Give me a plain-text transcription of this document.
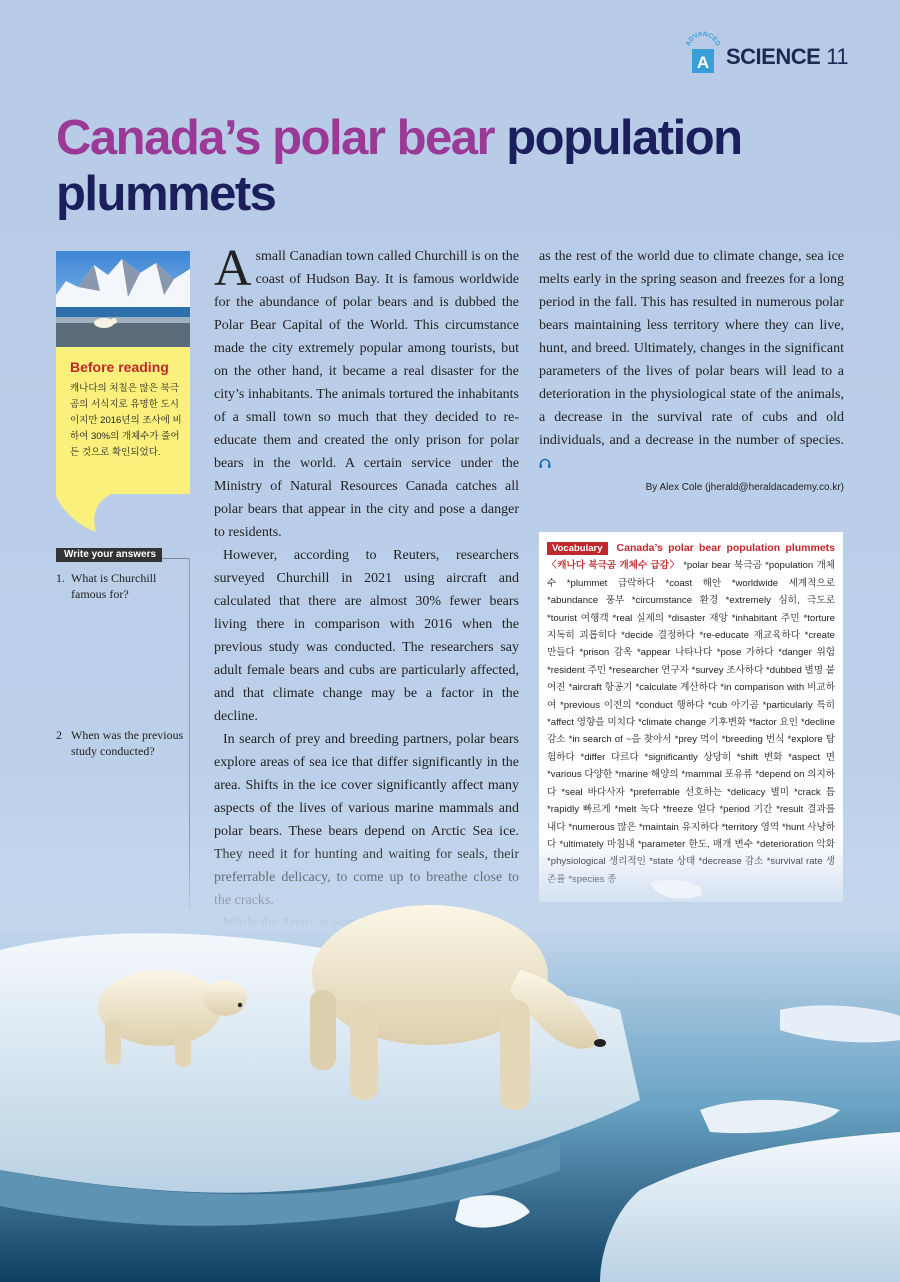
ADVANCED
A SCIENCE 11
Canada’s polar bear population plummets
Before reading

캐나다의 처칠은 많은 북극곰의 서식지로 유명한 도시이지만 2016년의 조사에 비하여 30%의 개체수가 줄어든 것으로 확인되었다.

Write your answers
1. What is Churchill famous for?
2 When was the previous study conducted?

Asmall Canadian town called Churchill is on the coast of Hudson Bay. It is famous worldwide for the abundance of polar bears and is dubbed the Polar Bear Capital of the World. This circumstance made the city extremely popular among tourists, but on the other hand, it became a real disaster for the city’s inhabitants. The animals tortured the inhabitants of a small town so much that they decided to re-educate them and created the only prison for polar bears in the world. A certain service under the Ministry of Natural Resources Canada catches all polar bears that appear in the city and pose a danger to residents.

However, according to Reuters, researchers surveyed Churchill in 2021 using aircraft and calculated that there are almost 30% fewer bears living there in comparison with 2016 when the previous study was conducted. The researchers say adult female bears and cubs are particularly affected, and that climate change may be a factor in the decline.

In search of prey and breeding partners, polar bears explore areas of sea ice that differ significantly in the area. Shifts in the ice cover significantly affect many aspects of the lives of various marine mammals and polar bears. These bears depend on Arctic Sea ice.

as the rest of the world due to climate change, sea ice melts early in the spring season and freezes for a long period in the fall. This has resulted in numerous polar bears maintaining less territory where they can live, hunt, and breed. Ultimately, changes in the significant parameters of the lives of polar bears will lead to a deterioration in the physiological state of the animals, a decrease in the survival rate of cubs and old individuals, and a decrease in the number of species.

By Alex Cole (jherald@heraldacademy.co.kr)
Vocabulary Canada’s polar bear population plummets 〈캐나다 북극곰 개체수 급감〉 *polar bear 북극곰 *population 개체수 *plummet 급락하다 *coast 해안 *worldwide 세계적으로 *abundance 풍부 *circumstance 환경 *extremely 심히, 극도로 *tourist 여행객 *real 실제의 *disaster 재앙 *inhabitant 주민 *torture 지독히 괴롭히다 *decide 결정하다 *re-educate 재교육하다 *create 만들다 *prison 감옥 *appear 나타나다 *pose 가하다 *danger 위험 *resident 주민 *researcher 연구자 *survey 조사하다 *dubbed 별명 붙여진 *aircraft 항공기 *calculate 계산하다 *in comparison with 비교하여 *previous 이전의 *conduct 행하다 *cub 아기곰 *particularly 특히 *affect 영향을 미치다 *climate change 기후변화 *factor 요인 *decline 감소 *in search of ~을 찾아서 *prey 먹이 *breeding 번식 *explore 탐험하다 *differ 다르다 *significantly 상당히 *shift 변화 *aspect 면 *various 다양한 *marine 해양의 *mammal 포유류 *depend on 의지하다 *seal 바다사자 *preferrable 선호하는 *delicacy 별미 *crack 틈 *rapidly 빠르게 *melt 녹다 *freeze 얼다 *period 기간 *result 결과를 내다 *numerous 많은 *maintain 유지하다 *territory 영역 *hunt 사냥하
